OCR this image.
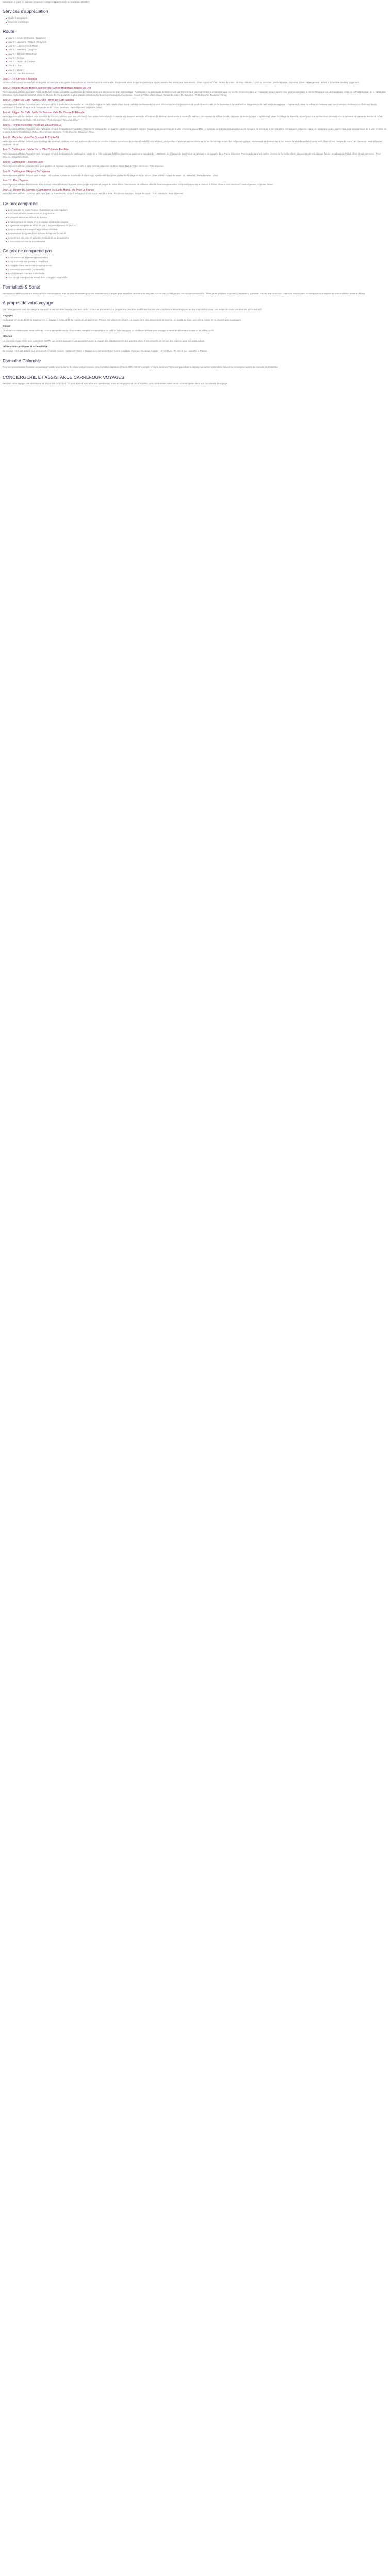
Excursions 2 jours en autocar. Ce prix ne comprend pas l'entrée au Cointreau Distillery.

Services d'appréciation
Guide francophone
Déjeuner en Groupe
Route
Jour 1 : Arrivée en Suisse / Lausanne
Jour 2 : Lausanne / Chillon / Gruyères
Jour 3 : Lucerne / Mont Pilate
Jour 4 : Interlaken / Jungfrau
Jour 5 : Zermatt / Matterhorn
Jour 6 : Genève
Jour 7 : Départ de Genève
Jour 8 : Libre
Jour 9 : Départ
Jour 10 : Fin des services
Jour 1 : ( 4 ) Arrivée à Rogelia

Arrivée à l'aéroport international de Rogelia, accueil par votre guide francophone et transfert vers le centre-ville. Promenade dans le quartier historique et découverte des principaux monuments. Dîner et nuit à l'hôtel. Temps de route : 45 min. Altitude : 1 200 m. Services : Petit-déjeuner, Déjeuner, Dîner. Hébergement : Hôtel 3* (chambre double). Logement.

Jour 2 : Bogota Musée Botero, Monserrate, Centre Historique, Musée De L'or

Petit-déjeuner à l'hôtel. Le matin, visite du Musée Botero qui abrite la collection de l'artiste ainsi que des oeuvres d'art international. Puis montée au sanctuaire de Monserrate par téléphérique pour admirer la vue panoramique sur la ville. Déjeuner dans un restaurant local. L'après-midi, promenade dans le centre historique de La Candelaria, visite de la Plaza Bolivar, de la cathédrale primatiale et du Capitole national. Visite du Musée de l'Or qui abrite la plus grande collection d'orfèvrerie préhispanique au monde. Retour à l'hôtel, dîner et nuit. Temps de route : 1h. Services : Petit-déjeuner, Déjeuner, Dîner.

Jour 3 : Région De Café : Visite D'une Ferme De Café Salento

Petit-déjeuner à l'hôtel. Transfert vers l'aéroport et vol à destination de Pereira au cœur de la région du café. Visite d'une ferme caféière traditionnelle où vous découvrirez tout le processus de production du café, de la plantation à la torréfaction. Dégustation de café. Déjeuner typique. L'après-midi, visite du village de Salento avec ses maisons colorées et ses balcons fleuris. Installation à l'hôtel, dîner et nuit. Temps de route : 2h30. Services : Petit-déjeuner, Déjeuner, Dîner.

Jour 4 : Région Du Café : Valle De Salento, Valle De Cocora Et Filandia

Petit-déjeuner à l'hôtel. Départ pour la vallée de Cocora, célèbre pour ses palmiers à cire, arbre national de la Colombie qui peuvent atteindre 60 mètres de hauteur. Randonnée à travers la vallée et découverte de la flore locale. Déjeuner de truite typique. L'après-midi, visite du village de Filandia, réputé pour son architecture coloniale et son artisanat de vannerie. Retour à l'hôtel, dîner et nuit. Temps de route : 2h. Services : Petit-déjeuner, Déjeuner, Dîner.

Jour 5 : Pereira / Medellin : Visite De La Comuna13

Petit-déjeuner à l'hôtel. Transfert vers l'aéroport et vol à destination de Medellin. Visite de la Comuna 13, un quartier autrefois considéré comme l'un des plus dangereux de la ville et devenu aujourd'hui un symbole de transformation grâce à ses fresques de street art et ses escaliers mécaniques. Déjeuner dans un restaurant local. L'après-midi, tour panoramique de la ville et visite de la place Botero. Installation à l'hôtel, dîner et nuit. Services : Petit-déjeuner, Déjeuner, Dîner.

Jour 6 : Medellin : Visite De Guatapé Et Du Peñol

Petit-déjeuner à l'hôtel. Départ pour le village de Guatapé, célèbre pour ses maisons décorées de zócalos colorés. Ascension du rocher El Peñol (740 marches) pour profiter d'une vue spectaculaire sur le lac de barrage et ses îles. Déjeuner typique. Promenade en bateau sur le lac. Retour à Medellin en fin d'après-midi, dîner et nuit. Temps de route : 4h. Services : Petit-déjeuner, Déjeuner, Dîner.

Jour 7 : Carthagène : Visite De La Ville Coloniale Fortifiée

Petit-déjeuner à l'hôtel. Transfert vers l'aéroport et vol à destination de Carthagène. Visite de la ville coloniale fortifiée classée au patrimoine mondial de l'UNESCO, du château de San Felipe de Barajas et du couvent de la Popa. Déjeuner. Promenade dans les ruelles pavées de la vieille ville et découverte de ses balcons fleuris. Installation à l'hôtel, dîner et nuit. Services : Petit-déjeuner, Déjeuner, Dîner.

Jour 8 : Carthagène - Journée Libre

Petit-déjeuner à l'hôtel. Journée libre pour profiter de la plage ou découvrir la ville à votre rythme. Déjeuner et dîner libres. Nuit à l'hôtel. Services : Petit-déjeuner.

Jour 9 : Carthagène / Région Du Tayrona

Petit-déjeuner à l'hôtel. Départ vers la région du Tayrona. Arrivée et installation à l'écolodge. Après-midi libre pour profiter de la plage et de la nature. Dîner et nuit. Temps de route : 5h. Services : Petit-déjeuner, Dîner.

Jour 10 : Parc Tayrona

Petit-déjeuner à l'hôtel. Randonnée dans le Parc national naturel Tayrona, entre jungle tropicale et plages de sable blanc. Découverte de la faune et de la flore exceptionnelles. Déjeuner pique-nique. Retour à l'hôtel, dîner et nuit. Services : Petit-déjeuner, Déjeuner, Dîner.

Jour 11 : Région Du Tayrona / Carthagène Ou Santa Marta / Vol Pour La France

Petit-déjeuner à l'hôtel. Transfert vers l'aéroport de Santa Marta ou de Carthagène et vol retour vers la France. Fin de nos services. Temps de route : 1h30. Services : Petit-déjeuner.

Ce prix comprend
Les vols aller et retour France / Colombie sur vols réguliers
Les vols intérieurs mentionnés au programme
Les taxes aériennes et frais de dossier
L'hébergement en hôtels 3* et écolodge en chambre double
La pension complète du dîner du jour 1 au petit-déjeuner du jour 11
Les transferts et le transport en minibus climatisé
Les services d'un guide francophone durant tout le circuit
Les entrées des sites et activités mentionnés au programme
L'assurance assistance rapatriement
Ce prix ne comprend pas
Les boissons et dépenses personnelles
Les pourboires aux guides et chauffeurs
Les repas libres mentionnés au programme
L'assurance annulation (optionnelle)
Le supplément chambre individuelle
Tout ce qui n'est pas mentionné dans « ce prix comprend »
Formalités & Santé

Passeport valable au moins 6 mois après la date de retour. Pas de visa nécessaire pour les ressortissants français pour un séjour de moins de 90 jours. Aucun vaccin obligatoire. Vaccins recommandés : fièvre jaune (régions tropicales), hépatite A, typhoïde. Prévoir une protection contre les moustiques. Renseignez-vous auprès de votre médecin avant le départ.

À propos de votre voyage

Les hébergements sont de catégorie standard et ont été sélectionnés pour leur confort et leur emplacement. Le programme peut être modifié en fonction des conditions météorologiques ou des impératifs locaux. Les temps de route sont donnés à titre indicatif.

Bagages

Un bagage en soute de 23 kg maximum et un bagage à main de 10 kg maximum par personne. Prévoir des vêtements légers, un coupe-vent, des chaussures de marche, un maillot de bain, une crème solaire et un répulsif anti-moustiques.

Climat

Le climat colombien varie selon l'altitude : chaud et humide sur la côte caraïbe, tempéré dans la région du café et frais à Bogota. La meilleure période pour voyager s'étend de décembre à mars et de juillet à août.

Monnaie

La monnaie locale est le peso colombien (COP). Les cartes bancaires sont acceptées dans la plupart des établissements des grandes villes. Il est conseillé de prévoir des espèces pour les petits achats.

Informations pratiques et accessibilité

Ce voyage n'est pas adapté aux personnes à mobilité réduite. Certaines visites et randonnées demandent une bonne condition physique. Décalage horaire : -6h en hiver, -7h en été par rapport à la France.

Formalité Colombie

Pour les ressortissants français, un passeport valide pour la durée du séjour est nécessaire. Une formalité migratoire (Check-MIG) doit être remplie en ligne dans les 72 heures précédant le départ. Les autres nationalités doivent se renseigner auprès du consulat de Colombie.

CONCIERGERIE ET ASSISTANCE CARREFOUR VOYAGES

Pendant votre voyage, une assistance est disponible 24h/24 et 7j/7 pour répondre à toutes vos questions et vous accompagner en cas d'imprévu. Les coordonnées vous seront communiquées avec vos documents de voyage.
